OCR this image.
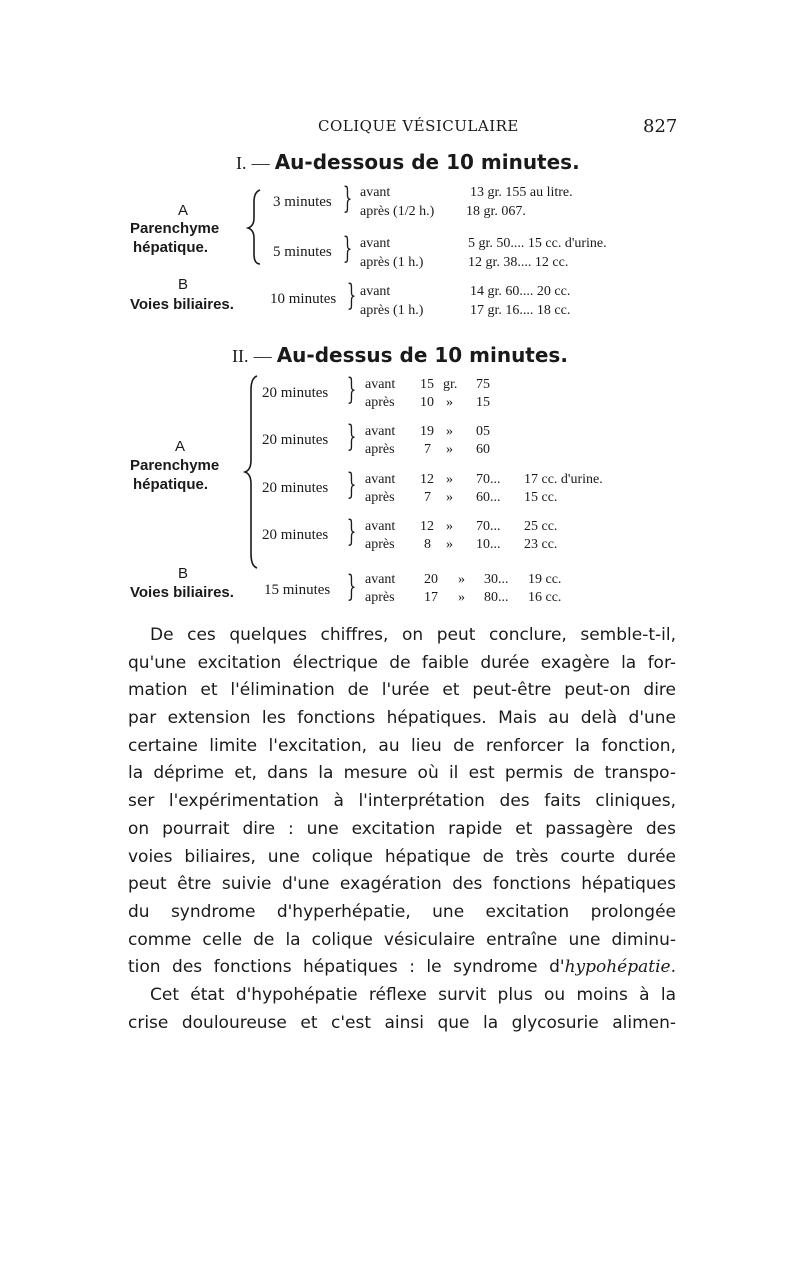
COLIQUE VÉSICULAIRE	827
I. — Au-dessous de 10 minutes.
A
Parenchyme
hépatique.
3 minutes } avant	13 gr. 155 au litre.
après (1/2 h.) 18 gr. 067.
5 minutes } avant	5 gr. 50.... 15 cc. d'urine.
après (1 h.)	12 gr. 38.... 12 cc.
B
Voies biliaires. 10 minutes } avant	14 gr. 60.... 20 cc.
après (1 h.)	17 gr. 16.... 18 cc.
II. — Au-dessus de 10 minutes.
A
Parenchyme
hépatique.
20 minutes } avant 15 gr. 75
après 10 » 15
20 minutes } avant 19 » 05
après 7 » 60
20 minutes } avant 12 » 70... 17 cc. d'urine.
après 7 » 60... 15 cc.
20 minutes } avant 12 » 70... 25 cc.
après 8 » 10... 23 cc.
B
Voies biliaires. 15 minutes } avant 20 » 30... 19 cc.
après 17 » 80... 16 cc.
De ces quelques chiffres, on peut conclure, semble-t-il,
qu'une excitation électrique de faible durée exagère la for-
mation et l'élimination de l'urée et peut-être peut-on dire
par extension les fonctions hépatiques. Mais au delà d'une
certaine limite l'excitation, au lieu de renforcer la fonction,
la déprime et, dans la mesure où il est permis de transpo-
ser l'expérimentation à l'interprétation des faits cliniques,
on pourrait dire : une excitation rapide et passagère des
voies biliaires, une colique hépatique de très courte durée
peut être suivie d'une exagération des fonctions hépatiques
du syndrome d'hyperhépatie, une excitation prolongée
comme celle de la colique vésiculaire entraîne une diminu-
tion des fonctions hépatiques : le syndrome d'hypohépatie.
Cet état d'hypohépatie réflexe survit plus ou moins à la
crise douloureuse et c'est ainsi que la glycosurie alimen-
